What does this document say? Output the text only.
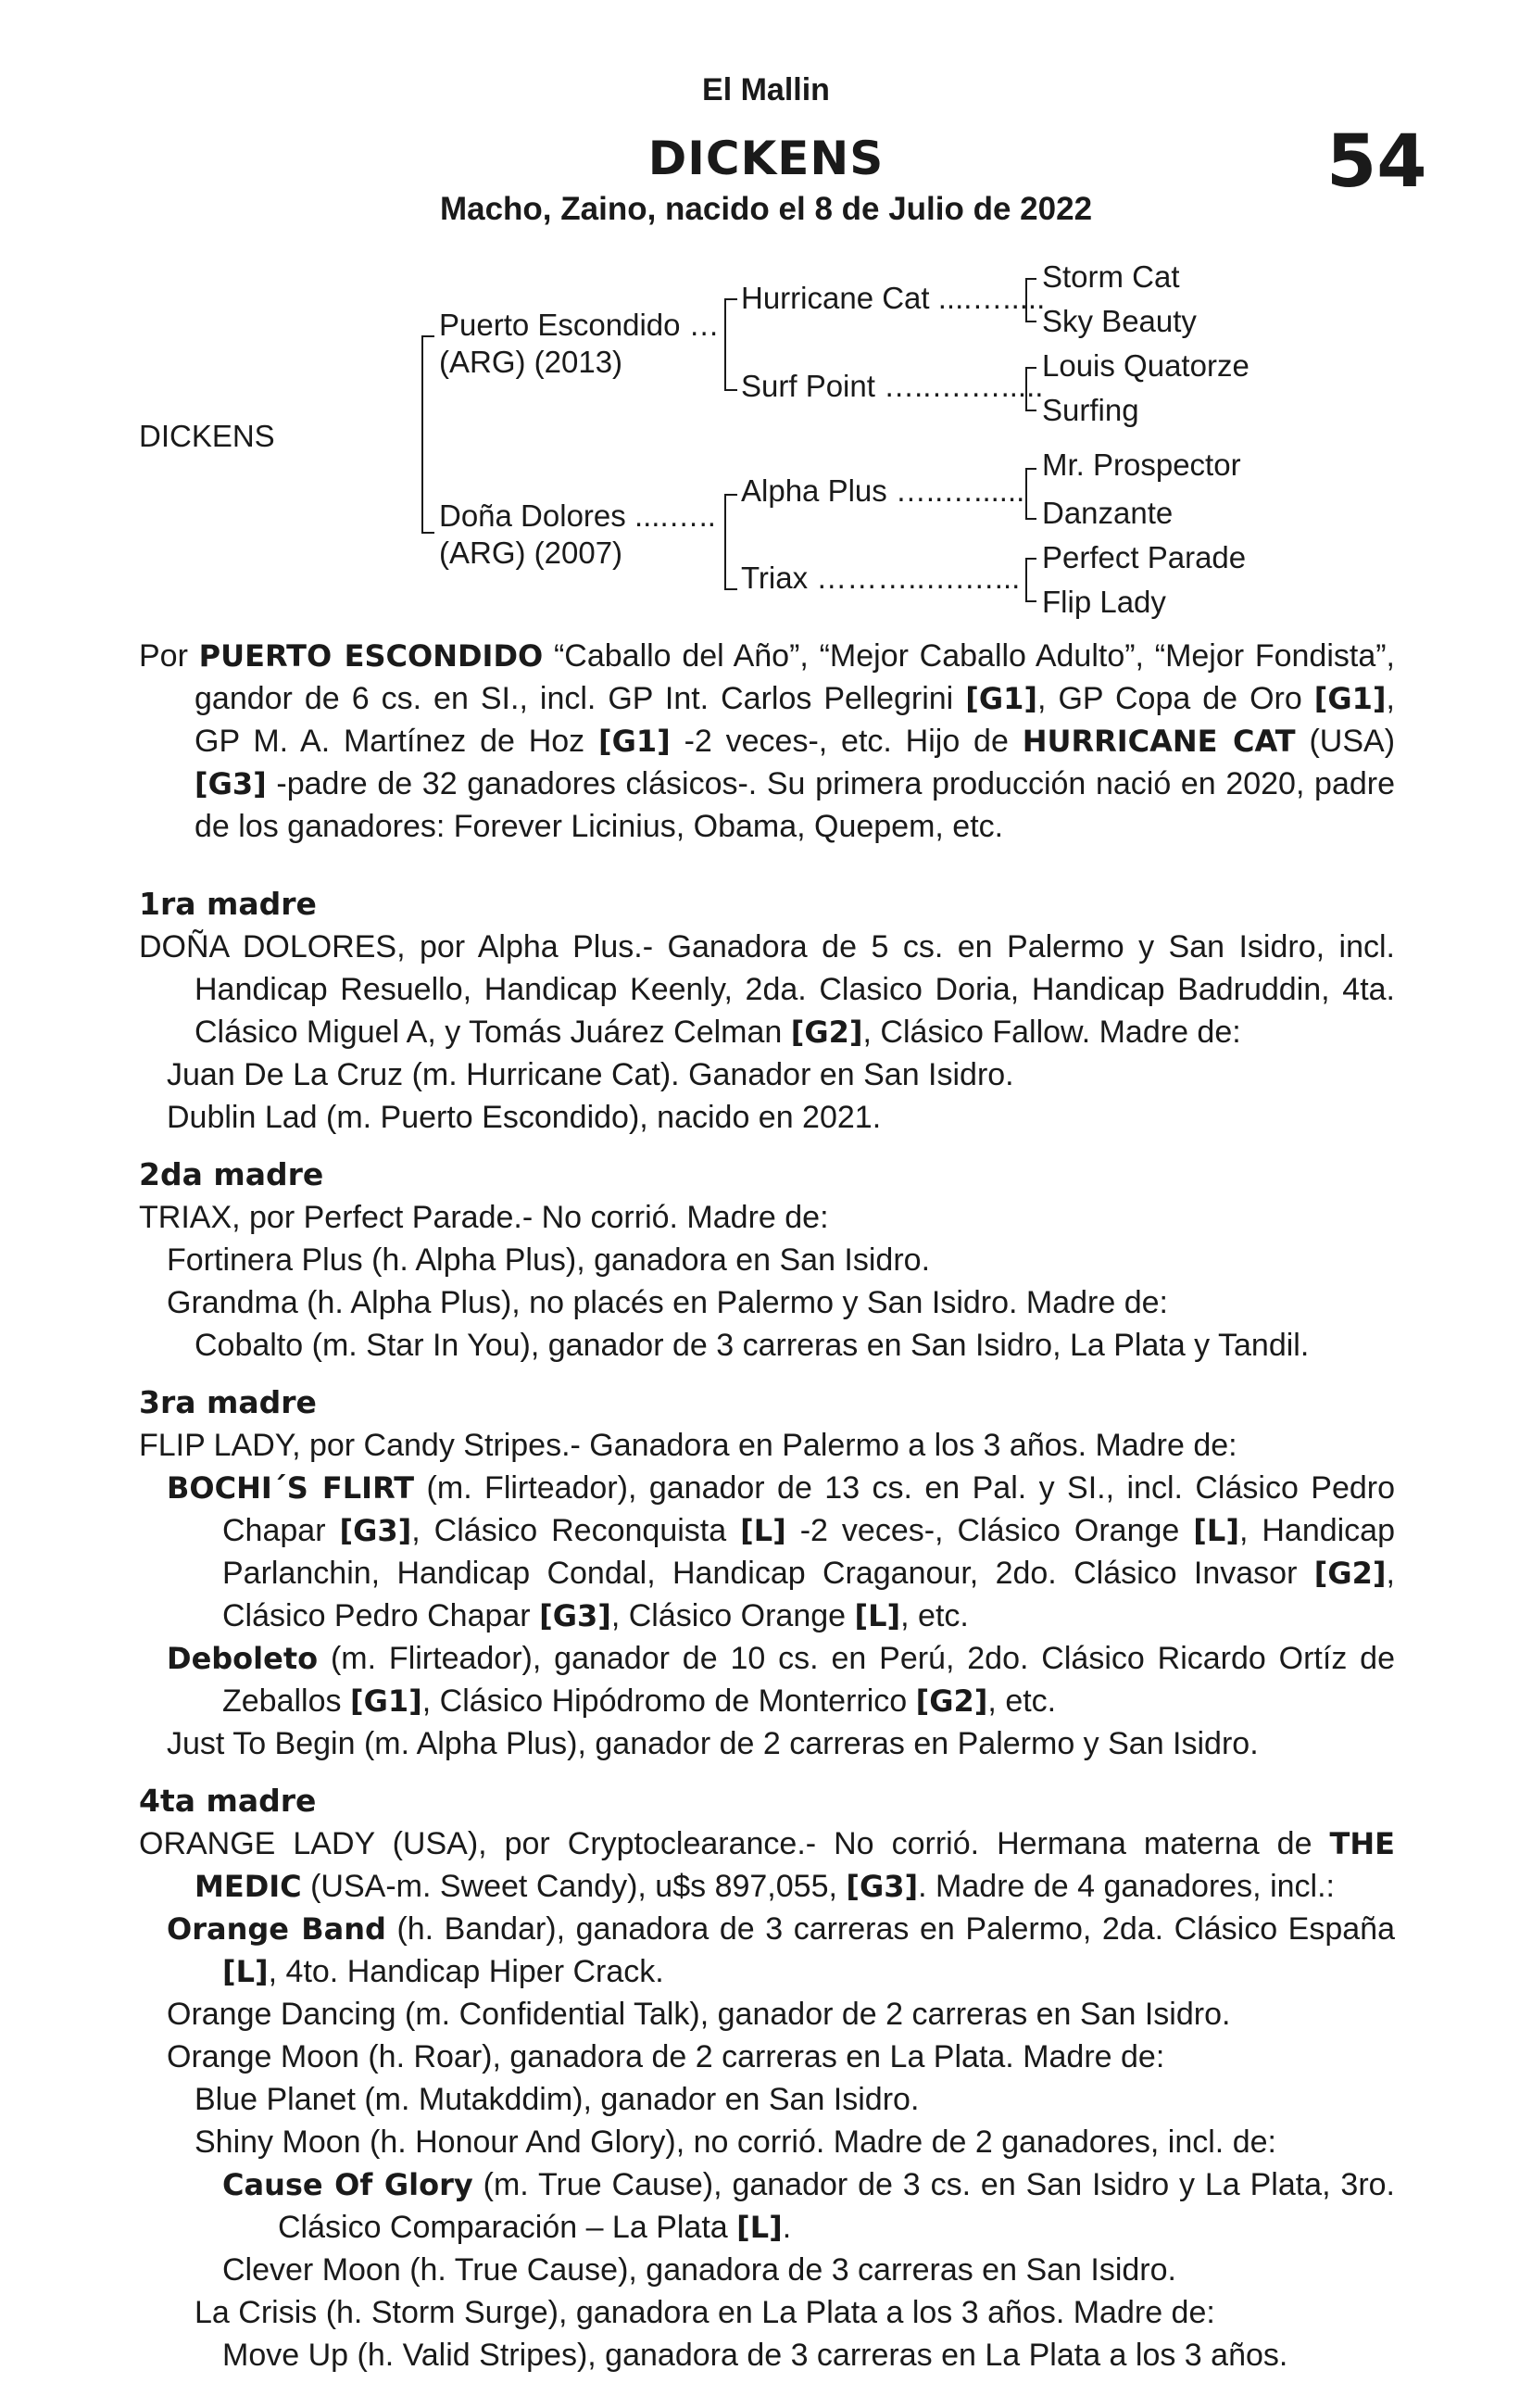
El Mallin
DICKENS
Macho, Zaino, nacido el 8 de Julio de 2022
54
DICKENS
Puerto Escondido …
(ARG) (2013)
Doña Dolores ....…..
(ARG) (2007)
Hurricane Cat ....….....
Surf Point …..….….....
Alpha Plus …..…......
Triax ………..….…...
Storm Cat
Sky Beauty
Louis Quatorze
Surfing
Mr. Prospector
Danzante
Perfect Parade
Flip Lady
Por PUERTO ESCONDIDO “Caballo del Año”, “Mejor Caballo Adulto”, “Mejor Fondista”, gandor de 6 cs. en SI., incl. GP Int. Carlos Pellegrini [G1], GP Copa de Oro [G1], GP M. A. Martínez de Hoz [G1] -2 veces-, etc. Hijo de HURRICANE CAT (USA) [G3] -padre de 32 ganadores clásicos-. Su primera producción nació en 2020, padre de los ganadores: Forever Licinius, Obama, Quepem, etc.
1ra madre
DOÑA DOLORES, por Alpha Plus.- Ganadora de 5 cs. en Palermo y San Isidro, incl. Handicap Resuello, Handicap Keenly, 2da. Clasico Doria, Handicap Badruddin, 4ta. Clásico Miguel A, y Tomás Juárez Celman [G2], Clásico Fallow. Madre de:
Juan De La Cruz (m. Hurricane Cat). Ganador en San Isidro.
Dublin Lad (m. Puerto Escondido), nacido en 2021.
2da madre
TRIAX, por Perfect Parade.- No corrió. Madre de:
Fortinera Plus (h. Alpha Plus), ganadora en San Isidro.
Grandma (h. Alpha Plus), no placés en Palermo y San Isidro. Madre de:
Cobalto (m. Star In You), ganador de 3 carreras en San Isidro, La Plata y Tandil.
3ra madre
FLIP LADY, por Candy Stripes.- Ganadora en Palermo a los 3 años. Madre de:
BOCHI´S FLIRT (m. Flirteador), ganador de 13 cs. en Pal. y SI., incl. Clásico Pedro Chapar [G3], Clásico Reconquista [L] -2 veces-, Clásico Orange [L], Handicap Parlanchin, Handicap Condal, Handicap Craganour, 2do. Clásico Invasor [G2], Clásico Pedro Chapar [G3], Clásico Orange [L], etc.
Deboleto (m. Flirteador), ganador de 10 cs. en Perú, 2do. Clásico Ricardo Ortíz de Zeballos [G1], Clásico Hipódromo de Monterrico [G2], etc.
Just To Begin (m. Alpha Plus), ganador de 2 carreras en Palermo y San Isidro.
4ta madre
ORANGE LADY (USA), por Cryptoclearance.- No corrió. Hermana materna de THE MEDIC (USA-m. Sweet Candy), u$s 897,055, [G3]. Madre de 4 ganadores, incl.:
Orange Band (h. Bandar), ganadora de 3 carreras en Palermo, 2da. Clásico España [L], 4to. Handicap Hiper Crack.
Orange Dancing (m. Confidential Talk), ganador de 2 carreras en San Isidro.
Orange Moon (h. Roar), ganadora de 2 carreras en La Plata. Madre de:
Blue Planet (m. Mutakddim), ganador en San Isidro.
Shiny Moon (h. Honour And Glory), no corrió. Madre de 2 ganadores, incl. de:
Cause Of Glory (m. True Cause), ganador de 3 cs. en San Isidro y La Plata, 3ro. Clásico Comparación – La Plata [L].
Clever Moon (h. True Cause), ganadora de 3 carreras en San Isidro.
La Crisis (h. Storm Surge), ganadora en La Plata a los 3 años. Madre de:
Move Up (h. Valid Stripes), ganadora de 3 carreras en La Plata a los 3 años.
